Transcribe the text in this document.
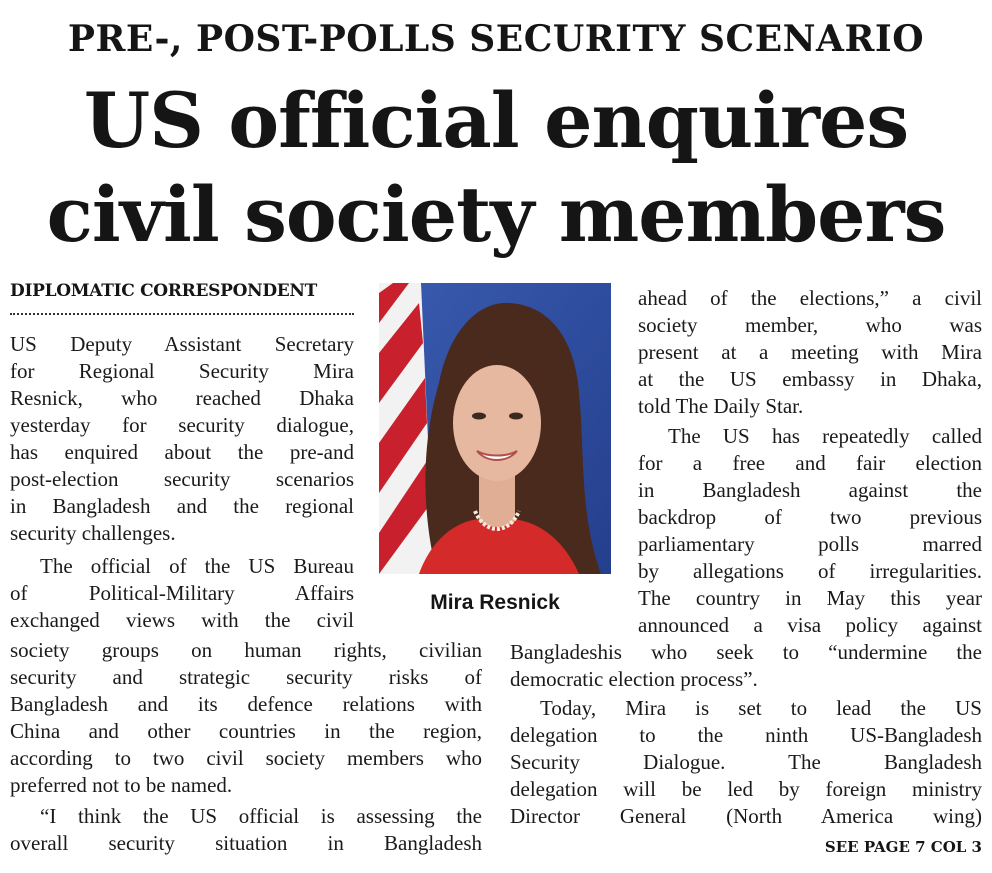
PRE-, POST-POLLS SECURITY SCENARIO
US official enquires
civil society members
DIPLOMATIC CORRESPONDENT
US Deputy Assistant Secretary
for Regional Security Mira
Resnick, who reached Dhaka
yesterday for security dialogue,
has enquired about the pre-and
post-election security scenarios
in Bangladesh and the regional
security challenges.
The official of the US Bureau
of Political-Military Affairs
exchanged views with the civil
society groups on human rights, civilian
security and strategic security risks of
Bangladesh and its defence relations with
China and other countries in the region,
according to two civil society members who
preferred not to be named.
“I think the US official is assessing the
overall security situation in Bangladesh
Mira Resnick
ahead of the elections,” a civil
society member, who was
present at a meeting with Mira
at the US embassy in Dhaka,
told The Daily Star.
The US has repeatedly called
for a free and fair election
in Bangladesh against the
backdrop of two previous
parliamentary polls marred
by allegations of irregularities.
The country in May this year
announced a visa policy against
Bangladeshis who seek to “undermine the
democratic election process”.
Today, Mira is set to lead the US
delegation to the ninth US-Bangladesh
Security Dialogue. The Bangladesh
delegation will be led by foreign ministry
Director General (North America wing)
SEE PAGE 7 COL 3
